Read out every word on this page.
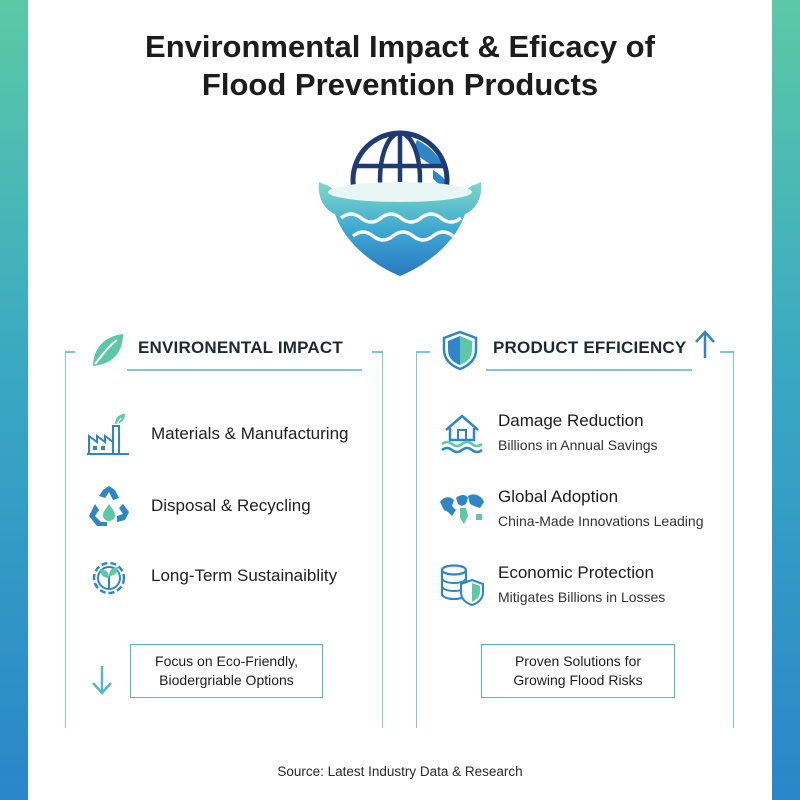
Environmental Impact & Eficacy of
Flood Prevention Products
ENVIRONENTAL IMPACT
Materials & Manufacturing
Disposal & Recycling
Long-Term Sustainaiblity
Focus on Eco-Friendly,
Biodergriable Options
PRODUCT EFFICIENCY
Damage Reduction
Billions in Annual Savings
Global Adoption
China-Made Innovations Leading
Economic Protection
Mitigates Billions in Losses
Proven Solutions for
Growing Flood Risks
Source: Latest Industry Data & Research
